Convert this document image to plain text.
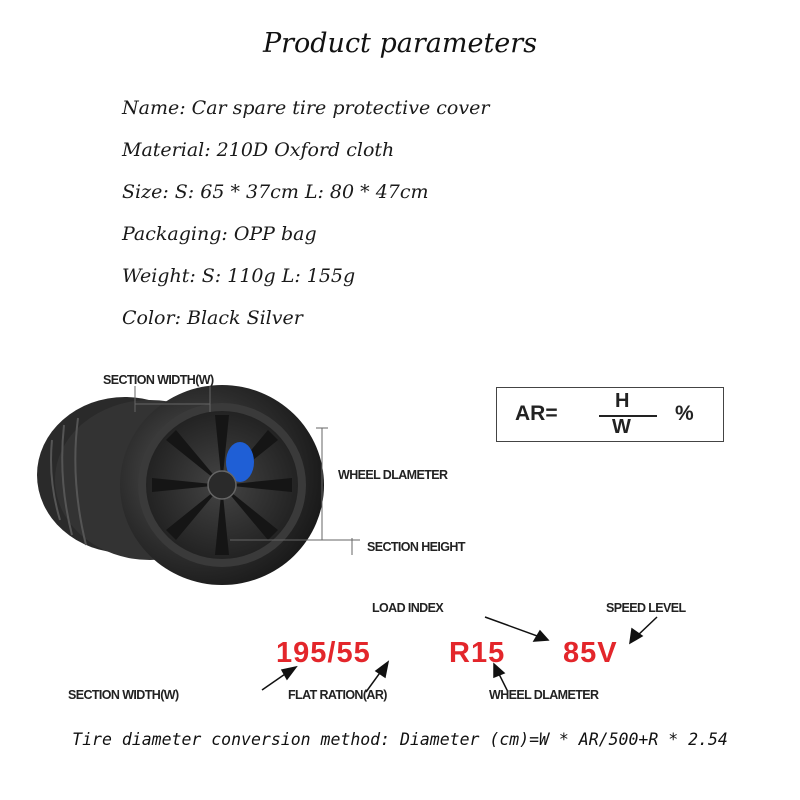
Product parameters
Name: Car spare tire protective cover
Material: 210D Oxford cloth
Size: S: 65 * 37cm L: 80 * 47cm
Packaging: OPP bag
Weight: S: 110g L: 155g
Color: Black Silver
SECTION WIDTH(W)
WHEEL DLAMETER
SECTION HEIGHT
AR=
H
W
%
LOAD INDEX	SPEED LEVEL
195/55	R15 85V
SECTION WIDTH(W)	FLAT RATION(AR)	WHEEL DLAMETER
Tire diameter conversion method: Diameter (cm)=W * AR/500+R * 2.54
